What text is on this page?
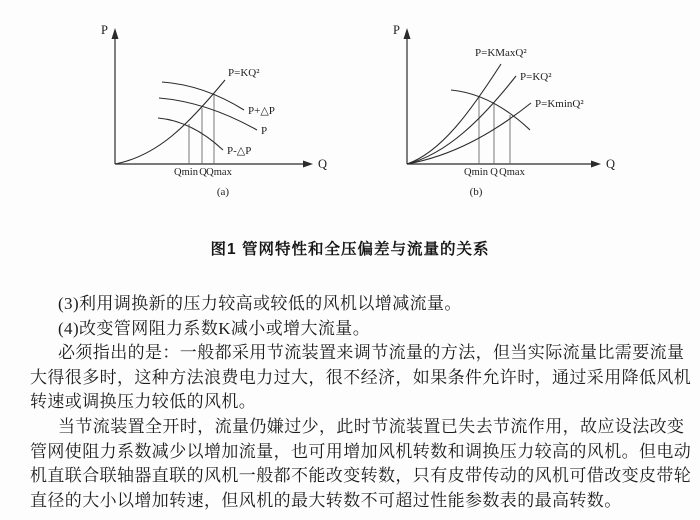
P
Q
P=KQ²
P+△P
P
P-△P
Qmin Q Qmax
(a)
P
Q
P=KMaxQ²
P=KQ²
P=KminQ²
Qmin Q Qmax
(b)
图1 管网特性和全压偏差与流量的关系
(3)利用调换新的压力较高或较低的风机以增减流量。
(4)改变管网阻力系数K减小或增大流量。
必须指出的是：一般都采用节流装置来调节流量的方法，但当实际流量比需要流量
大得很多时，这种方法浪费电力过大，很不经济，如果条件允许时，通过采用降低风机
转速或调换压力较低的风机。
当节流装置全开时，流量仍嫌过少，此时节流装置已失去节流作用，故应设法改变
管网使阻力系数减少以增加流量，也可用增加风机转数和调换压力较高的风机。但电动
机直联合联轴器直联的风机一般都不能改变转数，只有皮带传动的风机可借改变皮带轮
直径的大小以增加转速，但风机的最大转数不可超过性能参数表的最高转数。
